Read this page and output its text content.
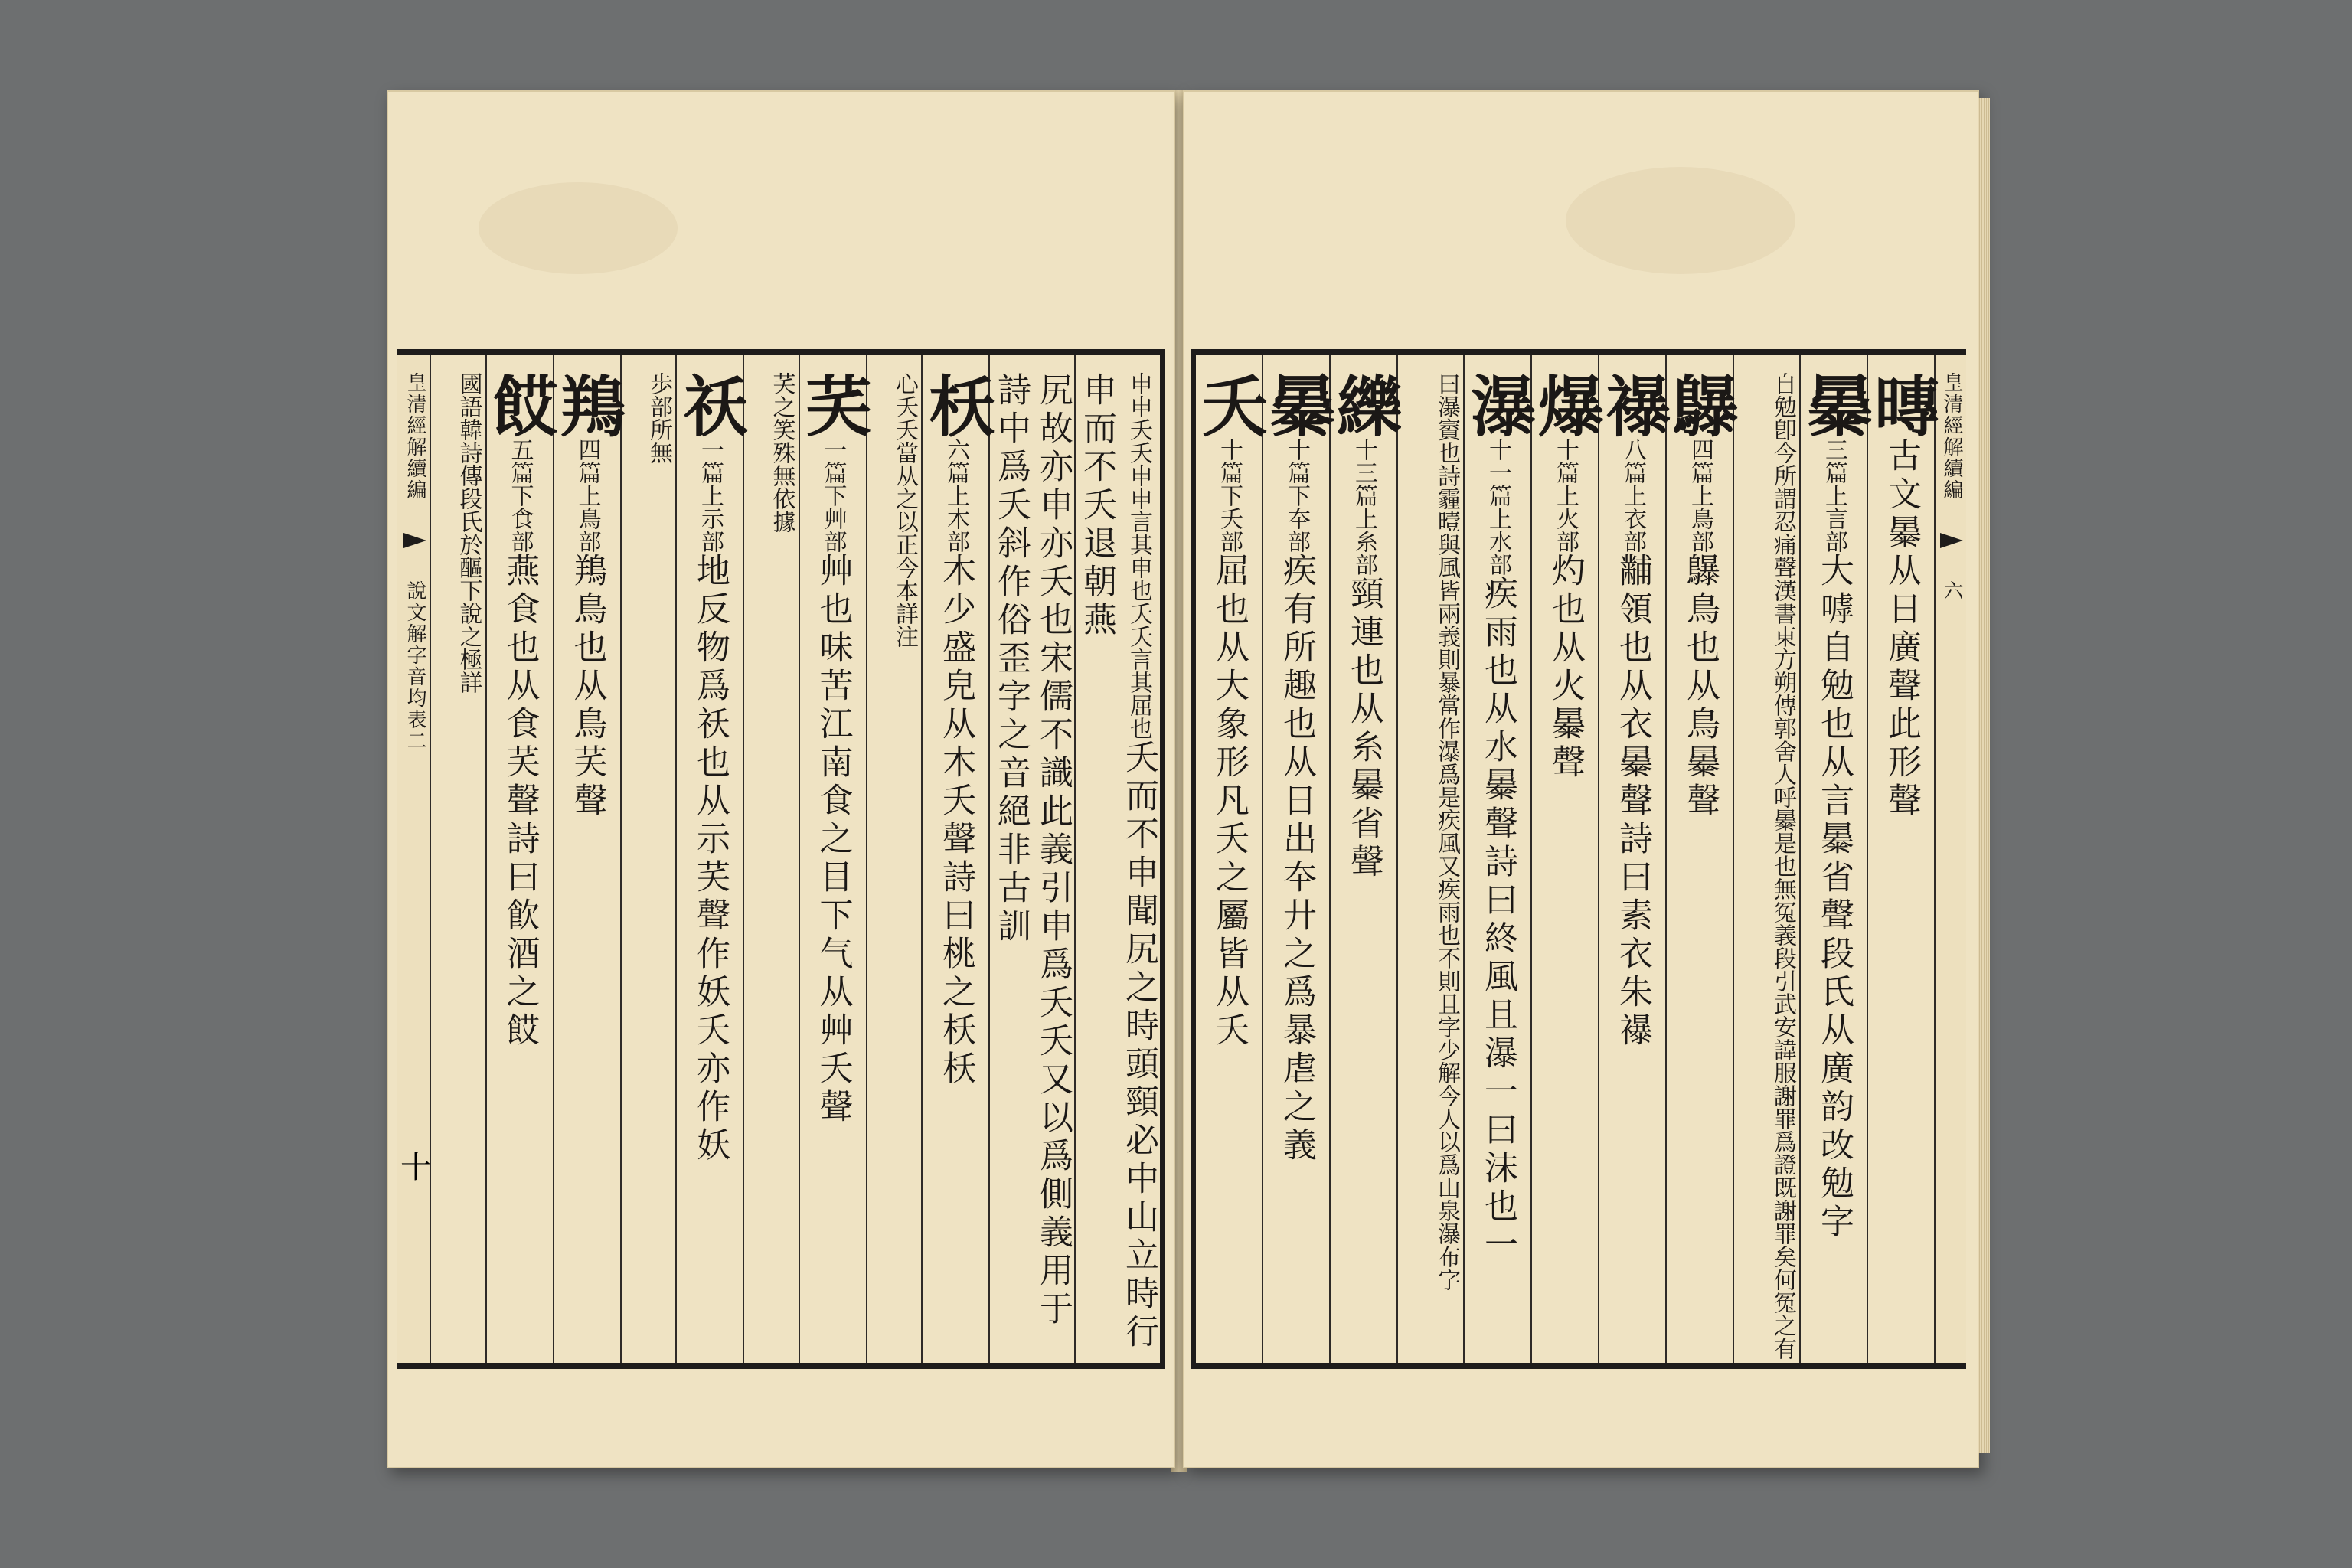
申申夭夭申申言其申也夭夭言其屈也夭而不申聞尻之時頭頸必中山立時行申而不夭退朝燕
尻故亦申亦夭也宋儒不識此義引申爲夭夭又以爲側義用于詩中爲夭斜作俗歪字之音絕非古訓
枖六篇上木部木少盛皃从木夭聲詩曰桃之枖枖
心夭夭當从之以正今本詳注
芺一篇下艸部艸也味苦江南食之目下气从艸夭聲
芺之笑殊無依據
祅一篇上示部地反物爲祅也从示芺聲作妖夭亦作妖
歩部所無
鴹四篇上鳥部鴹鳥也从鳥芺聲
餀五篇下食部燕食也从食芺聲詩曰飮酒之餀
國語韓詩傳段氏於醧下說之極詳
皇清經解續編  說文解字音均表二
十
皇清經解續編  六
暷古文㬥从日廣聲此形聲
㬥三篇上言部大嘑自勉也从言㬥省聲段氏从廣韵改勉字
自勉卽今所謂忍痛聲漢書東方朔傳郭舍人呼㬥是也無冤義段引武安諱服謝罪爲證既謝罪矣何冤之有
鸔四篇上鳥部鸔鳥也从鳥㬥聲
襮八篇上衣部黼領也从衣㬥聲詩曰素衣朱襮
爆十篇上火部灼也从火㬥聲
瀑十一篇上水部疾雨也从水㬥聲詩曰終風且瀑一曰沫也一
曰瀑賨也詩霾曀與風皆兩義則暴當作瀑爲是疾風又疾雨也不則且字少解今人以爲山泉瀑布字
纅十三篇上糸部頸連也从糸㬥省聲
㬥十篇下夲部疾有所趣也从日出夲廾之爲暴虐之義
夭十篇下夭部屈也从大象形凡夭之屬皆从夭
